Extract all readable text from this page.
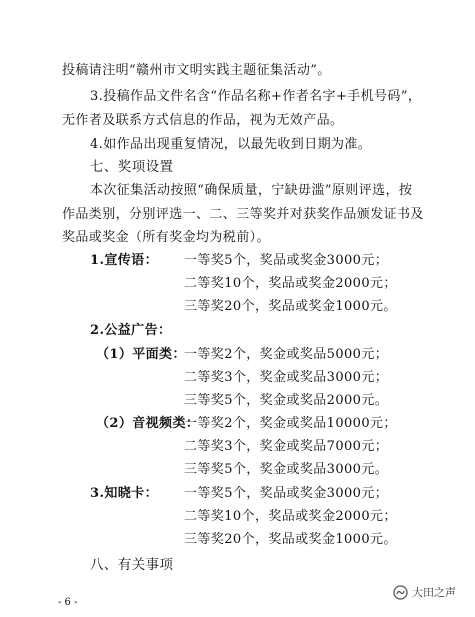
投稿请注明“赣州市文明实践主题征集活动”。
3.投稿作品文件名含“作品名称+作者名字+手机号码”，
无作者及联系方式信息的作品，视为无效产品。
4.如作品出现重复情况，以最先收到日期为准。
七、奖项设置
本次征集活动按照“确保质量，宁缺毋滥”原则评选，按
作品类别，分别评选一、二、三等奖并对获奖作品颁发证书及
奖品或奖金（所有奖金均为税前）。
1.宣传语： 一等奖5个，奖品或奖金3000元；
二等奖10个，奖品或奖金2000元；
三等奖20个，奖品或奖金1000元。
2.公益广告：
（1）平面类：
一等奖2个，奖金或奖品5000元；
二等奖3个，奖金或奖品3000元；
三等奖5个，奖金或奖品2000元。
（2）音视频类：
一等奖2个，奖金或奖品10000元；
二等奖3个，奖金或奖品7000元；
三等奖5个，奖金或奖品3000元。
3.知晓卡： 一等奖5个，奖品或奖金3000元；
二等奖10个，奖品或奖金2000元；
三等奖20个，奖品或奖金1000元。
八、有关事项
- 6 -
大田之声
